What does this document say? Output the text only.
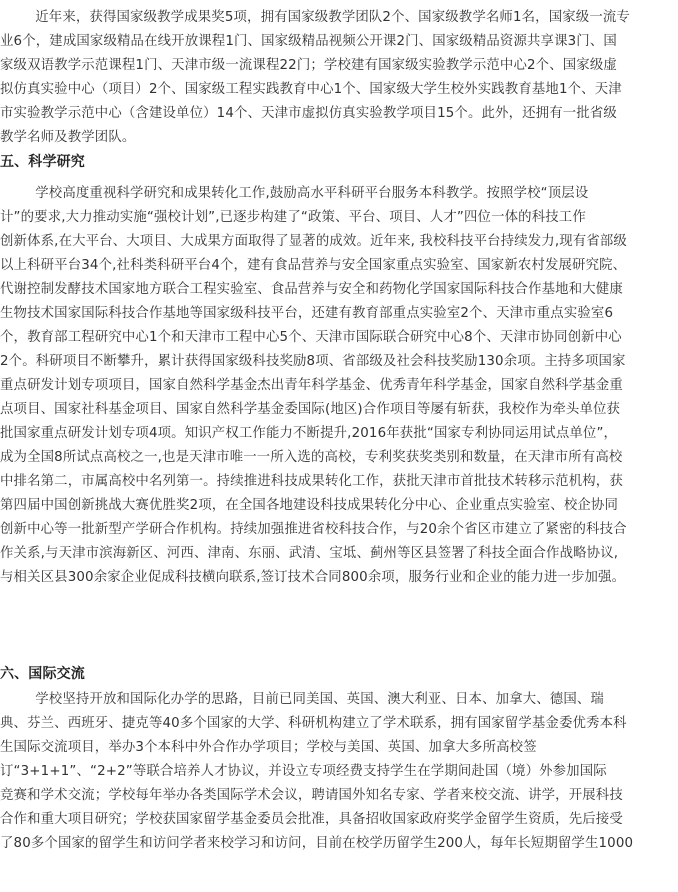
近年来，获得国家级教学成果奖5项，拥有国家级教学团队2个、国家级教学名师1名，国家级一流专
业6个，建成国家级精品在线开放课程1门、国家级精品视频公开课2门、国家级精品资源共享课3门、国
家级双语教学示范课程1门、天津市级一流课程22门；学校建有国家级实验教学示范中心2个、国家级虚
拟仿真实验中心（项目）2个、国家级工程实践教育中心1个、国家级大学生校外实践教育基地1个、天津
市实验教学示范中心（含建设单位）14个、天津市虚拟仿真实验教学项目15个。此外，还拥有一批省级
教学名师及教学团队。
五、科学研究
学校高度重视科学研究和成果转化工作,鼓励高水平科研平台服务本科教学。按照学校“顶层设
计”的要求,大力推动实施“强校计划”,已逐步构建了“政策、平台、项目、人才”四位一体的科技工作
创新体系,在大平台、大项目、大成果方面取得了显著的成效。近年来, 我校科技平台持续发力,现有省部级
以上科研平台34个,社科类科研平台4个，建有食品营养与安全国家重点实验室、国家新农村发展研究院、
代谢控制发酵技术国家地方联合工程实验室、食品营养与安全和药物化学国家国际科技合作基地和大健康
生物技术国家国际科技合作基地等国家级科技平台，还建有教育部重点实验室2个、天津市重点实验室6
个，教育部工程研究中心1个和天津市工程中心5个、天津市国际联合研究中心8个、天津市协同创新中心
2个。科研项目不断攀升，累计获得国家级科技奖励8项、省部级及社会科技奖励130余项。主持多项国家
重点研发计划专项项目，国家自然科学基金杰出青年科学基金、优秀青年科学基金，国家自然科学基金重
点项目、国家社科基金项目、国家自然科学基金委国际(地区)合作项目等屡有斩获，我校作为牵头单位获
批国家重点研发计划专项4项。知识产权工作能力不断提升,2016年获批“国家专利协同运用试点单位”，
成为全国8所试点高校之一,也是天津市唯一一所入选的高校，专利奖获奖类别和数量，在天津市所有高校
中排名第二，市属高校中名列第一。持续推进科技成果转化工作，获批天津市首批技术转移示范机构，获
第四届中国创新挑战大赛优胜奖2项，在全国各地建设科技成果转化分中心、企业重点实验室、校企协同
创新中心等一批新型产学研合作机构。持续加强推进省校科技合作，与20余个省区市建立了紧密的科技合
作关系,与天津市滨海新区、河西、津南、东丽、武清、宝坻、蓟州等区县签署了科技全面合作战略协议,
与相关区县300余家企业促成科技横向联系,签订技术合同800余项，服务行业和企业的能力进一步加强。
六、国际交流
学校坚持开放和国际化办学的思路，目前已同美国、英国、澳大利亚、日本、加拿大、德国、瑞
典、芬兰、西班牙、捷克等40多个国家的大学、科研机构建立了学术联系，拥有国家留学基金委优秀本科
生国际交流项目，举办3个本科中外合作办学项目；学校与美国、英国、加拿大多所高校签
订“3+1+1”、“2+2”等联合培养人才协议，并设立专项经费支持学生在学期间赴国（境）外参加国际
竞赛和学术交流；学校每年举办各类国际学术会议，聘请国外知名专家、学者来校交流、讲学，开展科技
合作和重大项目研究；学校获国家留学基金委员会批准，具备招收国家政府奖学金留学生资质，先后接受
了80多个国家的留学生和访问学者来校学习和访问，目前在校学历留学生200人，每年长短期留学生1000
